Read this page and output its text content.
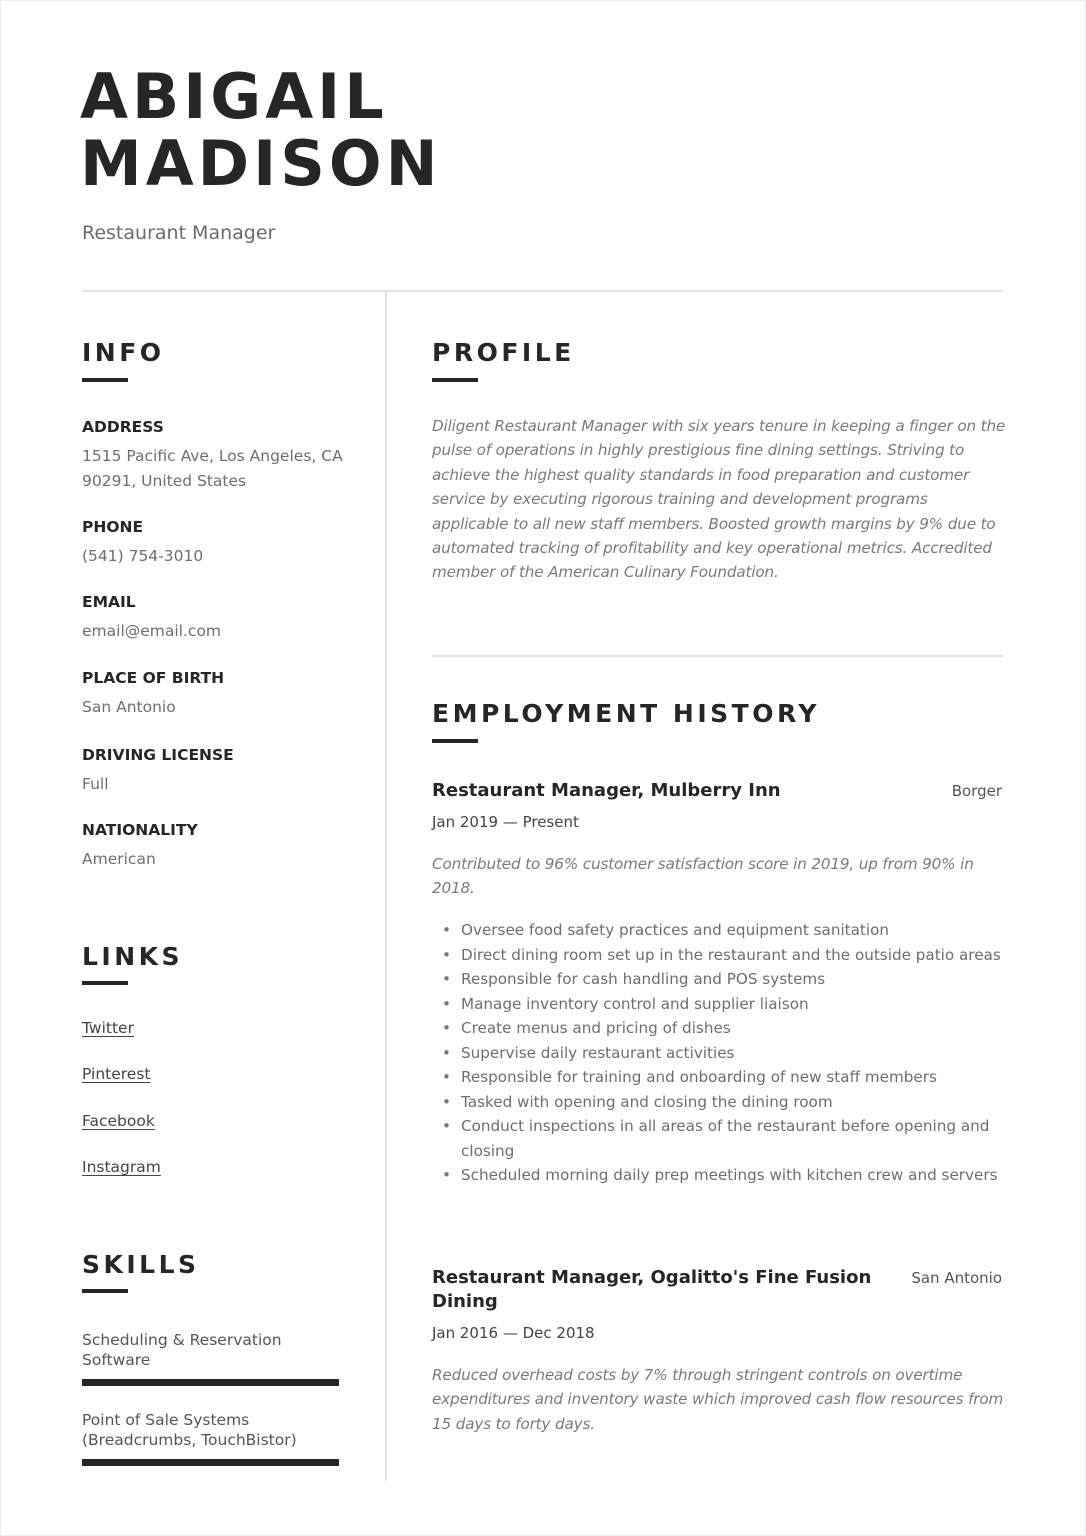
ABIGAIL
MADISON
Restaurant Manager
INFO
ADDRESS
1515 Pacific Ave, Los Angeles, CA 90291, United States
PHONE
(541) 754-3010
EMAIL
email@email.com
PLACE OF BIRTH
San Antonio
DRIVING LICENSE
Full
NATIONALITY
American
LINKS
Twitter
Pinterest
Facebook
Instagram
SKILLS
Scheduling & Reservation Software
Point of Sale Systems (Breadcrumbs, TouchBistor)
PROFILE

Diligent Restaurant Manager with six years tenure in keeping a finger on the pulse of operations in highly prestigious fine dining settings. Striving to achieve the highest quality standards in food preparation and customer service by executing rigorous training and development programs applicable to all new staff members. Boosted growth margins by 9% due to automated tracking of profitability and key operational metrics. Accredited member of the American Culinary Foundation.

EMPLOYMENT HISTORY
Restaurant Manager, Mulberry Inn	Borger
Jan 2019 — Present

Contributed to 96% customer satisfaction score in 2019, up from 90% in 2018.

• Oversee food safety practices and equipment sanitation
• Direct dining room set up in the restaurant and the outside patio areas
• Responsible for cash handling and POS systems
• Manage inventory control and supplier liaison
• Create menus and pricing of dishes
• Supervise daily restaurant activities
• Responsible for training and onboarding of new staff members
• Tasked with opening and closing the dining room
• Conduct inspections in all areas of the restaurant before opening and closing
• Scheduled morning daily prep meetings with kitchen crew and servers
Restaurant Manager, Ogalitto's Fine Fusion Dining
San Antonio
Jan 2016 — Dec 2018

Reduced overhead costs by 7% through stringent controls on overtime expenditures and inventory waste which improved cash flow resources from 15 days to forty days.
